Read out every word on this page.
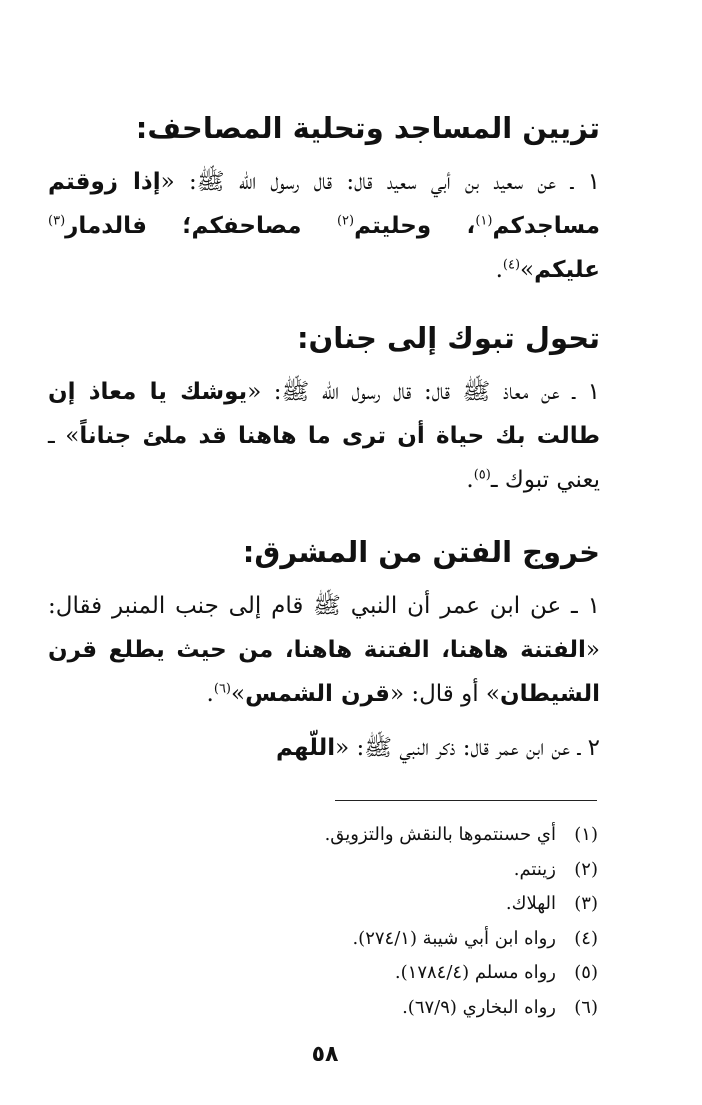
تزيين المساجد وتحلية المصاحف:

١ ـ عن سعيد بن أبي سعيد قال: قال رسول الله ﷺ: «إذا زوقتم مساجدكم$^{(١)}$، وحليتم$^{(٢)}$ مصاحفكم؛ فالدمار$^{(٣)}$ عليكم»$^{(٤)}$.

تحول تبوك إلى جنان:

١ ـ عن معاذ ﷺ قال: قال رسول الله ﷺ: «يوشك يا معاذ إن طالت بك حياة أن ترى ما هاهنا قد ملئ جناناً» ـ يعني تبوك ـ$^{(٥)}$.

خروج الفتن من المشرق:

١ ـ عن ابن عمر أن النبي ﷺ قام إلى جنب المنبر فقال: «الفتنة هاهنا، الفتنة هاهنا، من حيث يطلع قرن الشيطان» أو قال: «قرن الشمس»$^{(٦)}$.

٢ ـ عن ابن عمر قال: ذكر النبي ﷺ: «اللّهم

(١)أي حسنتموها بالنقش والتزويق.
(٢)زينتم.
(٣)الهلاك.
(٤)رواه ابن أبي شيبة (٢٧٤/١).
(٥)رواه مسلم (١٧٨٤/٤).
(٦)رواه البخاري (٦٧/٩).
٥٨
